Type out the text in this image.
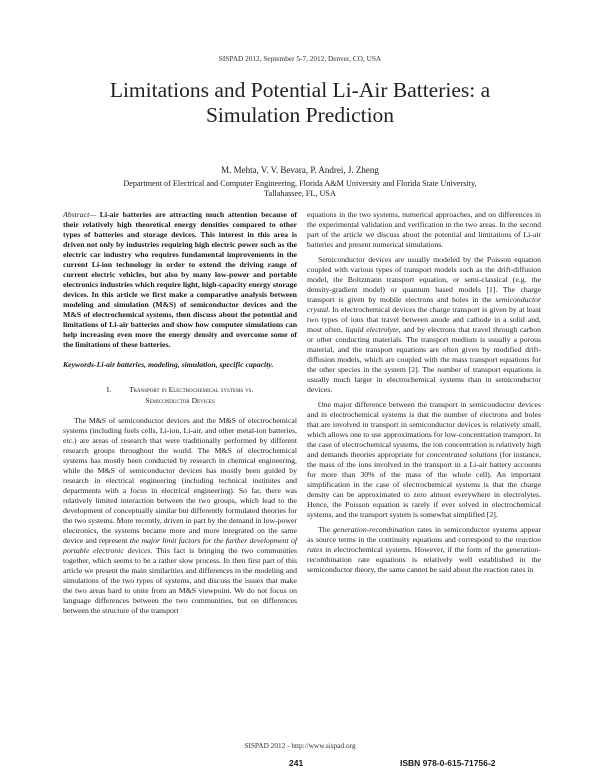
SISPAD 2012, September 5-7, 2012, Denver, CO, USA
Limitations and Potential Li-Air Batteries: a Simulation Prediction
M. Mehta, V. V. Bevara, P. Andrei, J. Zheng
Department of Electrical and Computer Engineering, Florida A&M University and Florida State University, Tallahassee, FL, USA

Abstract— Li-air batteries are attracting much attention because of their relatively high theoretical energy densities compared to other types of batteries and storage devices. This interest in this area is driven not only by industries requiring high electric power such as the electric car industry who requires fundamental improvements in the current Li-ion technology in order to extend the driving range of current electric vehicles, but also by many low-power and portable electronics industries which require light, high-capacity energy storage devices. In this article we first make a comparative analysis between modeling and simulation (M&S) of semiconductor devices and the M&S of electrochemical systems, then discuss about the potential and limitations of Li-air batteries and show how computer simulations can help increasing even more the energy density and overcome some of the limitations of these batteries.

Keywords-Li-air batteries, modeling, simulation, specific capacity.

I. Transport in Electrochemical systems vs.
Semiconductor Devices

The M&S of semiconductor devices and the M&S of electrochemical systems (including fuels cells, Li-ion, Li-air, and other metal-ion batteries, etc.) are areas of research that were traditionally performed by different research groups throughout the world. The M&S of electrochemical systems has mostly been conducted by research in chemical engineering, while the M&S of semiconductor devices has mostly been guided by research in electrical engineering (including technical institutes and departments with a focus in electrical engineering). So far, there was relatively limited interaction between the two groups, which lead to the development of conceptually similar but differently formulated theories for the two systems. More recently, driven in part by the demand in low-power electronics, the systems became more and more integrated on the same device and represent the major limit factors for the further development of portable electronic devices. This fact is bringing the two communities together, which seems to be a rather slow process. In then first part of this article we present the main similarities and differences in the modeling and simulations of the two types of systems, and discuss the issues that make the two areas hard to unite from an M&S viewpoint. We do not focus on language differences between the two communities, but on differences between the structure of the transport

equations in the two systems, numerical approaches, and on differences in the experimental validation and verification in the two areas. In the second part of the article we discuss about the potential and limitations of Li-air batteries and present numerical simulations.

Semiconductor devices are usually modeled by the Poisson equation coupled with various types of transport models such as the drift-diffusion model, the Boltzmann transport equation, or semi-classical (e.g. the density-gradient model) or quantum based models [1]. The charge transport is given by mobile electrons and holes in the semiconductor crystal. In electrochemical devices the charge transport is given by at least two types of ions that travel between anode and cathode in a solid and, most often, liquid electrolyte, and by electrons that travel through carbon or other conducting materials. The transport medium is usually a porous material, and the transport equations are often given by modified drift-diffusion models, which are coupled with the mass transport equations for the other species in the system [2]. The number of transport equations is usually much larger in electrochemical systems than in semiconductor devices.

One major difference between the transport in semiconductor devices and in electrochemical systems is that the number of electrons and holes that are involved in transport in semiconductor devices is relatively small, which allows one to use approximations for low-concentration transport. In the case of electrochemical systems, the ion concentration is relatively high and demands theories appropriate for concentrated solutions (for instance, the mass of the ions involved in the transport in a Li-air battery accounts for more than 30% of the mass of the whole cell). An important simplification in the case of electrochemical systems is that the charge density can be approximated to zero almost everywhere in electrolytes. Hence, the Poisson equation is rarely if ever solved in electrochemical systems, and the transport system is somewhat simplified [2].

The generation-recombination rates in semiconductor systems appear as source terms in the continuity equations and correspond to the reaction rates in electrochemical systems. However, if the form of the generation-recombination rate equations is relatively well established in the semiconductor theory, the same cannot be said about the reaction rates in

SISPAD 2012 - http://www.sispad.org
241	ISBN 978-0-615-71756-2
